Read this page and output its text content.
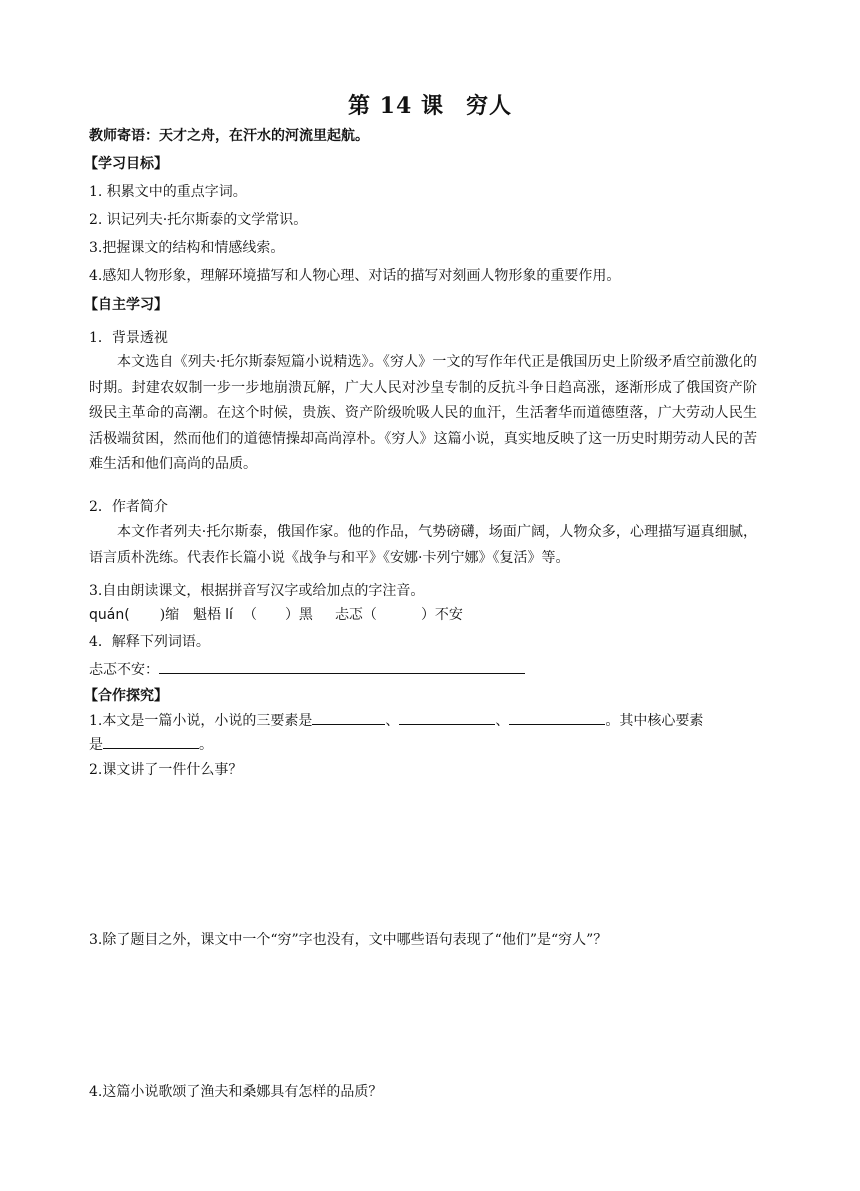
第 14 课 穷人
教师寄语：天才之舟，在汗水的河流里起航。
【学习目标】
1. 积累文中的重点字词。
2. 识记列夫·托尔斯泰的文学常识。
3.把握课文的结构和情感线索。
4.感知人物形象，理解环境描写和人物心理、对话的描写对刻画人物形象的重要作用。
【自主学习】
1．背景透视
本文选自《列夫·托尔斯泰短篇小说精选》。《穷人》一文的写作年代正是俄国历史上阶级矛盾空前激化的时期。封建农奴制一步一步地崩溃瓦解，广大人民对沙皇专制的反抗斗争日趋高涨，逐渐形成了俄国资产阶级民主革命的高潮。在这个时候，贵族、资产阶级吮吸人民的血汗，生活奢华而道德堕落，广大劳动人民生活极端贫困，然而他们的道德情操却高尚淳朴。《穷人》这篇小说，真实地反映了这一历史时期劳动人民的苦难生活和他们高尚的品质。
2．作者简介
本文作者列夫·托尔斯泰，俄国作家。他的作品，气势磅礴，场面广阔，人物众多，心理描写逼真细腻，语言质朴洗练。代表作长篇小说《战争与和平》《安娜·卡列宁娜》《复活》等。
3.自由朗读课文，根据拼音写汉字或给加点的字注音。
quán( )缩 魁梧 lí （ ）黑 忐忑（	）不安
4．解释下列词语。
忐忑不安：
【合作探究】
1.本文是一篇小说，小说的三要素是	、	、	。其中核心要素
是	。
2.课文讲了一件什么事？
3.除了题目之外，课文中一个“穷”字也没有，文中哪些语句表现了“他们”是“穷人”？
4.这篇小说歌颂了渔夫和桑娜具有怎样的品质？
